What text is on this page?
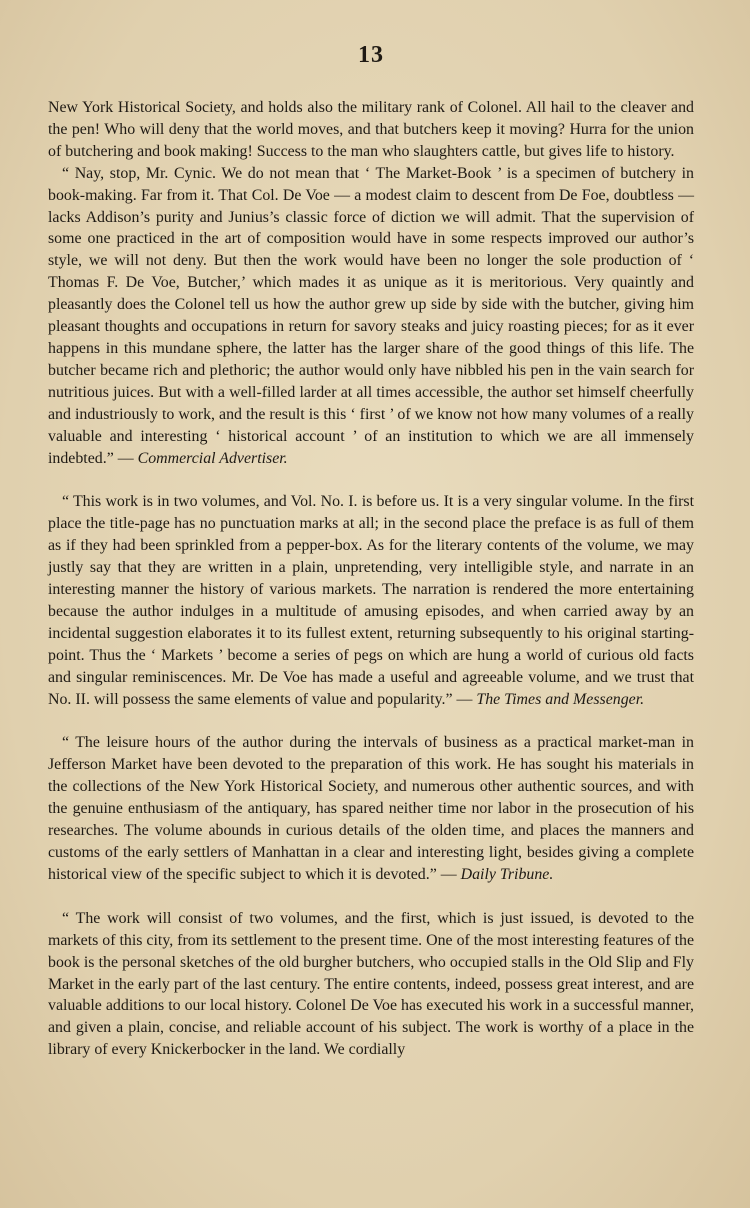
13

New York Historical Society, and holds also the military rank of Colonel. All hail to the cleaver and the pen! Who will deny that the world moves, and that butchers keep it moving? Hurra for the union of butchering and book making! Success to the man who slaughters cattle, but gives life to history.

“ Nay, stop, Mr. Cynic. We do not mean that ‘ The Market-Book ’ is a specimen of butchery in book-making. Far from it. That Col. De Voe — a modest claim to descent from De Foe, doubtless — lacks Addison’s purity and Junius’s classic force of diction we will admit. That the supervision of some one practiced in the art of composition would have in some respects improved our author’s style, we will not deny. But then the work would have been no longer the sole production of ‘ Thomas F. De Voe, Butcher,’ which mades it as unique as it is meritorious. Very quaintly and pleasantly does the Colonel tell us how the author grew up side by side with the butcher, giving him pleasant thoughts and occupations in return for savory steaks and juicy roasting pieces; for as it ever happens in this mundane sphere, the latter has the larger share of the good things of this life. The butcher became rich and plethoric; the author would only have nibbled his pen in the vain search for nutritious juices. But with a well-filled larder at all times accessible, the author set himself cheerfully and industriously to work, and the result is this ‘ first ’ of we know not how many volumes of a really valuable and interesting ‘ historical account ’ of an institution to which we are all immensely indebted.” — Commercial Advertiser.

“ This work is in two volumes, and Vol. No. I. is before us. It is a very singular volume. In the first place the title-page has no punctuation marks at all; in the second place the preface is as full of them as if they had been sprinkled from a pepper-box. As for the literary contents of the volume, we may justly say that they are written in a plain, unpretending, very intelligible style, and narrate in an interesting manner the history of various markets. The narration is rendered the more entertaining because the author indulges in a multitude of amusing episodes, and when carried away by an incidental suggestion elaborates it to its fullest extent, returning subsequently to his original starting-point. Thus the ‘ Markets ’ become a series of pegs on which are hung a world of curious old facts and singular reminiscences. Mr. De Voe has made a useful and agreeable volume, and we trust that No. II. will possess the same elements of value and popularity.” — The Times and Messenger.

“ The leisure hours of the author during the intervals of business as a practical market-man in Jefferson Market have been devoted to the preparation of this work. He has sought his materials in the collections of the New York Historical Society, and numerous other authentic sources, and with the genuine enthusiasm of the antiquary, has spared neither time nor labor in the prosecution of his researches. The volume abounds in curious details of the olden time, and places the manners and customs of the early settlers of Manhattan in a clear and interesting light, besides giving a complete historical view of the specific subject to which it is devoted.” — Daily Tribune.

“ The work will consist of two volumes, and the first, which is just issued, is devoted to the markets of this city, from its settlement to the present time. One of the most interesting features of the book is the personal sketches of the old burgher butchers, who occupied stalls in the Old Slip and Fly Market in the early part of the last century. The entire contents, indeed, possess great interest, and are valuable additions to our local history. Colonel De Voe has executed his work in a successful manner, and given a plain, concise, and reliable account of his subject. The work is worthy of a place in the library of every Knickerbocker in the land. We cordially
